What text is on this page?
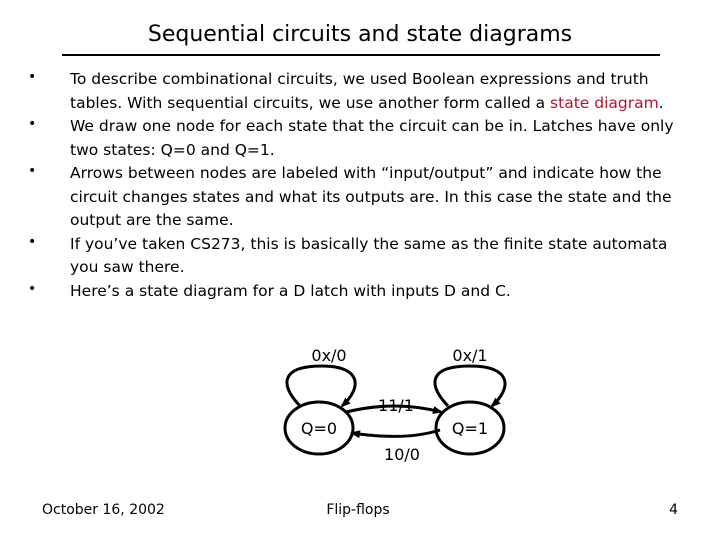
Sequential circuits and state diagrams
• To describe combinational circuits, we used Boolean expressions and truth tables. With sequential circuits, we use another form called a state diagram.
• We draw one node for each state that the circuit can be in. Latches have only two states: Q=0 and Q=1.
• Arrows between nodes are labeled with “input/output” and indicate how the circuit changes states and what its outputs are. In this case the state and the output are the same.
• If you’ve taken CS273, this is basically the same as the finite state automata you saw there.
• Here’s a state diagram for a D latch with inputs D and C.
Q=0	Q=1
0x/0	0x/1
11/1
10/0
October 16, 2002	Flip-flops	4
